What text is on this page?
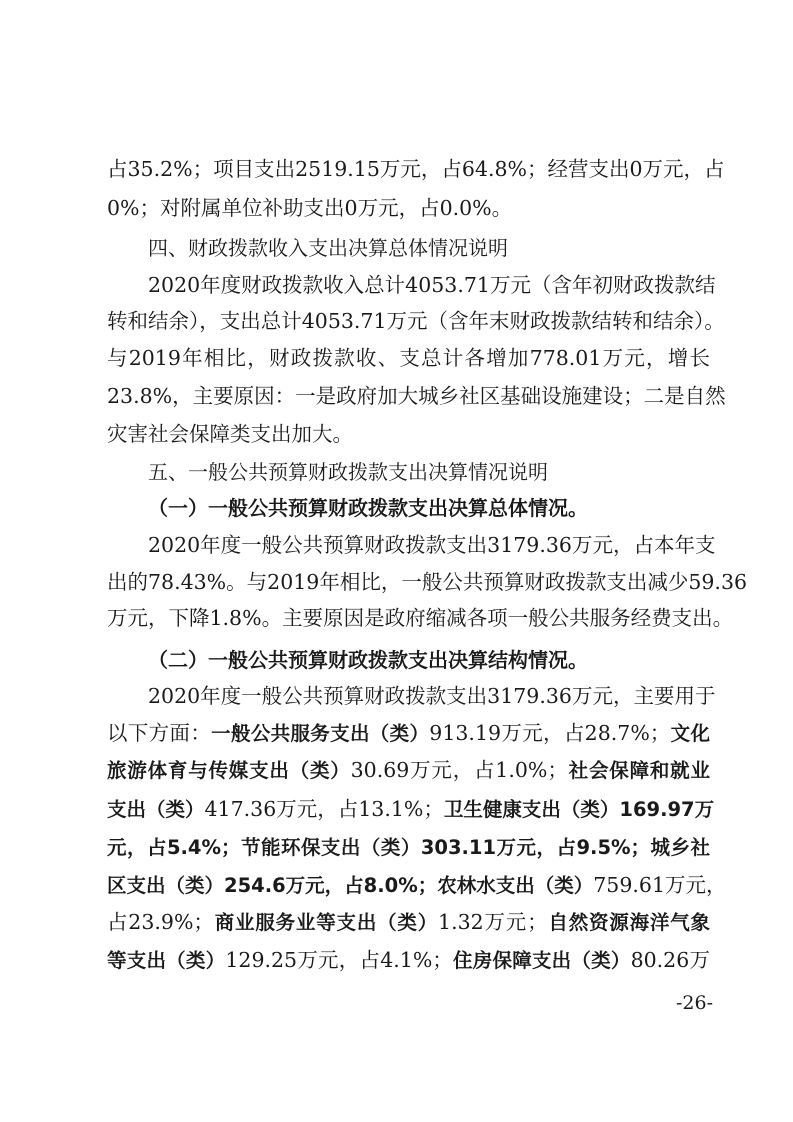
占35.2%；项目支出2519.15万元，占64.8%；经营支出0万元，占

0%；对附属单位补助支出0万元，占0.0%。

四、财政拨款收入支出决算总体情况说明

2020年度财政拨款收入总计4053.71万元（含年初财政拨款结

转和结余），支出总计4053.71万元（含年末财政拨款结转和结余）。

与2019年相比，财政拨款收、支总计各增加778.01万元，增长

23.8%，主要原因：一是政府加大城乡社区基础设施建设；二是自然

灾害社会保障类支出加大。

五、一般公共预算财政拨款支出决算情况说明

（一）一般公共预算财政拨款支出决算总体情况。

2020年度一般公共预算财政拨款支出3179.36万元，占本年支

出的78.43%。与2019年相比，一般公共预算财政拨款支出减少59.36

万元，下降1.8%。主要原因是政府缩减各项一般公共服务经费支出。

（二）一般公共预算财政拨款支出决算结构情况。

2020年度一般公共预算财政拨款支出3179.36万元，主要用于

以下方面：一般公共服务支出（类）913.19万元，占28.7%；文化

旅游体育与传媒支出（类）30.69万元，占1.0%；社会保障和就业

支出（类）417.36万元，占13.1%；卫生健康支出（类）169.97万

元，占5.4%；节能环保支出（类）303.11万元，占9.5%；城乡社

区支出（类）254.6万元，占8.0%；农林水支出（类）759.61万元，

占23.9%；商业服务业等支出（类）1.32万元；自然资源海洋气象

等支出（类）129.25万元，占4.1%；住房保障支出（类）80.26万

-26-
